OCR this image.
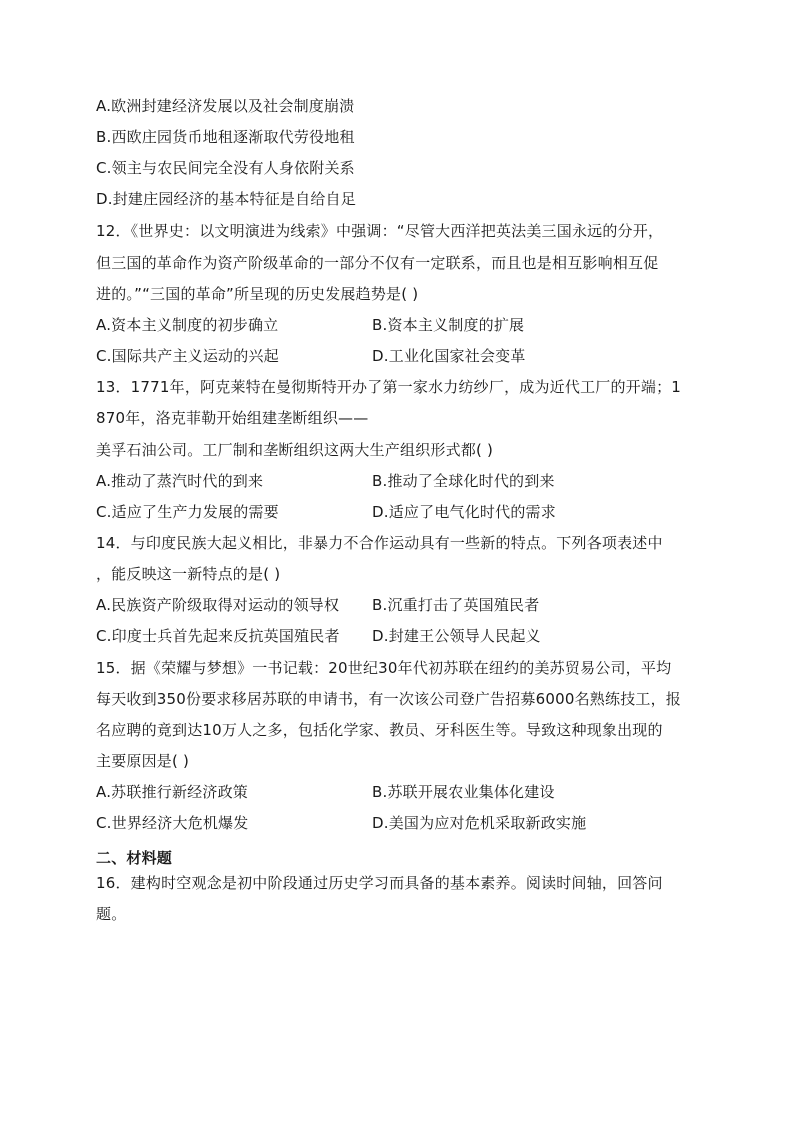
A.欧洲封建经济发展以及社会制度崩溃
B.西欧庄园货币地租逐渐取代劳役地租
C.领主与农民间完全没有人身依附关系
D.封建庄园经济的基本特征是自给自足
12．《世界史：以文明演进为线索》中强调：“尽管大西洋把英法美三国永远的分开，
但三国的革命作为资产阶级革命的一部分不仅有一定联系，而且也是相互影响相互促
进的。”“三国的革命”所呈现的历史发展趋势是( )
A.资本主义制度的初步确立	B.资本主义制度的扩展
C.国际共产主义运动的兴起	D.工业化国家社会变革
13．1771年，阿克莱特在曼彻斯特开办了第一家水力纺纱厂，成为近代工厂的开端；1
870年，洛克菲勒开始组建垄断组织——
美孚石油公司。工厂制和垄断组织这两大生产组织形式都( )
A.推动了蒸汽时代的到来	B.推动了全球化时代的到来
C.适应了生产力发展的需要	D.适应了电气化时代的需求
14．与印度民族大起义相比，非暴力不合作运动具有一些新的特点。下列各项表述中
，能反映这一新特点的是( )
A.民族资产阶级取得对运动的领导权 B.沉重打击了英国殖民者
C.印度士兵首先起来反抗英国殖民者 D.封建王公领导人民起义
15．据《荣耀与梦想》一书记载：20世纪30年代初苏联在纽约的美苏贸易公司，平均
每天收到350份要求移居苏联的申请书，有一次该公司登广告招募6000名熟练技工，报
名应聘的竟到达10万人之多，包括化学家、教员、牙科医生等。导致这种现象出现的
主要原因是( )
A.苏联推行新经济政策	B.苏联开展农业集体化建设
C.世界经济大危机爆发	D.美国为应对危机采取新政实施
二、材料题
16．建构时空观念是初中阶段通过历史学习而具备的基本素养。阅读时间轴，回答问
题。
